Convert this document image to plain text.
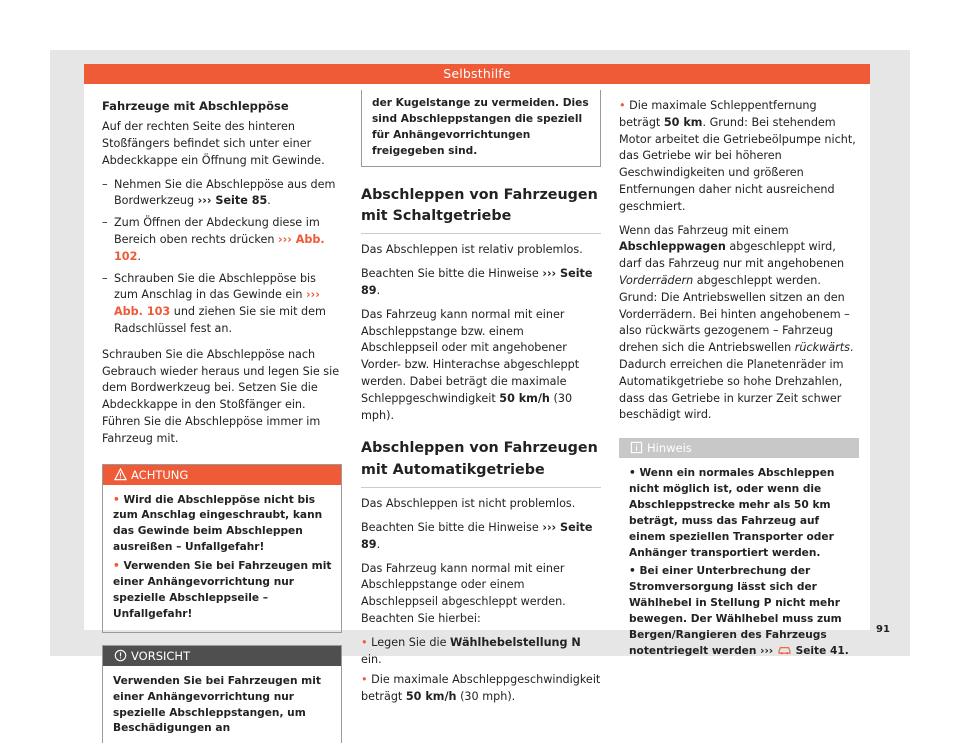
Selbsthilfe
Fahrzeuge mit Abschleppöse

Auf der rechten Seite des hinteren Stoßfängers befindet sich unter einer Abdeckkappe ein Öffnung mit Gewinde.

– Nehmen Sie die Abschleppöse aus dem Bordwerkzeug ››› Seite 85.
– Zum Öffnen der Abdeckung diese im Bereich oben rechts drücken ››› Abb. 102.
– Schrauben Sie die Abschleppöse bis zum Anschlag in das Gewinde ein ››› Abb. 103 und ziehen Sie sie mit dem Radschlüssel fest an.

Schrauben Sie die Abschleppöse nach Gebrauch wieder heraus und legen Sie sie dem Bordwerkzeug bei. Setzen Sie die Abdeckkappe in den Stoßfänger ein. Führen Sie die Abschleppöse immer im Fahrzeug mit.

ACHTUNG
• Wird die Abschleppöse nicht bis zum Anschlag eingeschraubt, kann das Gewinde beim Abschleppen ausreißen – Unfallgefahr!
• Verwenden Sie bei Fahrzeugen mit einer Anhängevorrichtung nur spezielle Abschleppseile – Unfallgefahr!
VORSICHT
Verwenden Sie bei Fahrzeugen mit einer Anhängevorrichtung nur spezielle Abschleppstangen, um Beschädigungen an
der Kugelstange zu vermeiden. Dies sind Abschleppstangen die speziell für Anhängevorrichtungen freigegeben sind.
Abschleppen von Fahrzeugen mit Schaltgetriebe

Das Abschleppen ist relativ problemlos.

Beachten Sie bitte die Hinweise ››› Seite 89.

Das Fahrzeug kann normal mit einer Abschleppstange bzw. einem Abschleppseil oder mit angehobener Vorder- bzw. Hinterachse abgeschleppt werden. Dabei beträgt die maximale Schleppgeschwindigkeit 50 km/h (30 mph).

Abschleppen von Fahrzeugen mit Automatikgetriebe

Das Abschleppen ist nicht problemlos.

Beachten Sie bitte die Hinweise ››› Seite 89.

Das Fahrzeug kann normal mit einer Abschleppstange oder einem Abschleppseil abgeschleppt werden. Beachten Sie hierbei:

• Legen Sie die Wählhebelstellung N ein.
• Die maximale Abschleppgeschwindigkeit beträgt 50 km/h (30 mph).
• Die maximale Schleppentfernung beträgt 50 km. Grund: Bei stehendem Motor arbeitet die Getriebeölpumpe nicht, das Getriebe wir bei höheren Geschwindigkeiten und größeren Entfernungen daher nicht ausreichend geschmiert.

Wenn das Fahrzeug mit einem Abschleppwagen abgeschleppt wird, darf das Fahrzeug nur mit angehobenen Vorderrädern abgeschleppt werden. Grund: Die Antriebswellen sitzen an den Vorderrädern. Bei hinten angehobenem – also rückwärts gezogenem – Fahrzeug drehen sich die Antriebswellen rückwärts. Dadurch erreichen die Planetenräder im Automatikgetriebe so hohe Drehzahlen, dass das Getriebe in kurzer Zeit schwer beschädigt wird.

Hinweis
• Wenn ein normales Abschleppen nicht möglich ist, oder wenn die Abschleppstrecke mehr als 50 km beträgt, muss das Fahrzeug auf einem speziellen Transporter oder Anhänger transportiert werden.
• Bei einer Unterbrechung der Stromversorgung lässt sich der Wählhebel in Stellung P nicht mehr bewegen. Der Wählhebel muss zum Bergen/Rangieren des Fahrzeugs notentriegelt werden ››› Seite 41.
91
